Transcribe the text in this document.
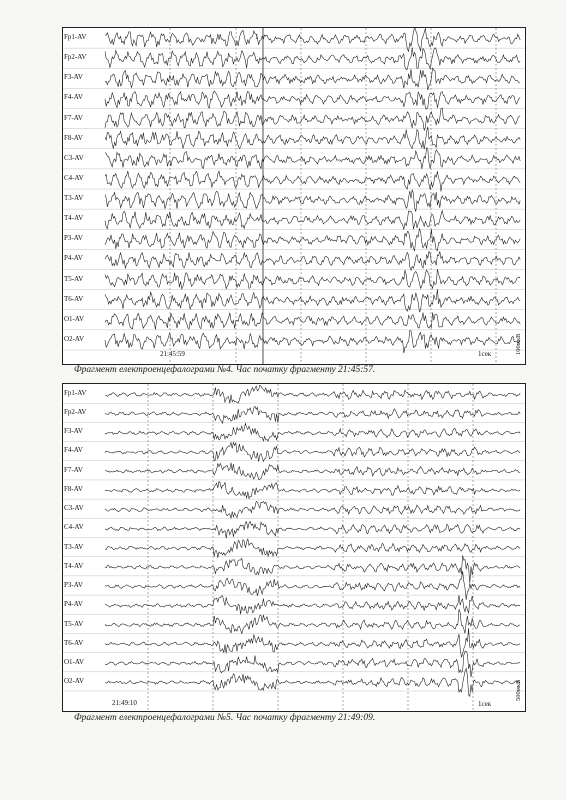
Fp1-AV
Fp2-AV
F3-AV
F4-AV
F7-AV
F8-AV
C3-AV
C4-AV
T3-AV
T4-AV
P3-AV
P4-AV
T5-AV
T6-AV
O1-AV
O2-AV
21:45:59	1сек	100мкВ
1
Фрагмент електроенцефалограми №4. Час початку фрагменту 21:45:57.
Fp1-AV
Fp2-AV
F3-AV
F4-AV
F7-AV
F8-AV
C3-AV
C4-AV
T3-AV
T4-AV
P3-AV
P4-AV
T5-AV
T6-AV
O1-AV
O2-AV
21:49:10	1сек
500мкВ
Фрагмент електроенцефалограми №5. Час початку фрагменту 21:49:09.
